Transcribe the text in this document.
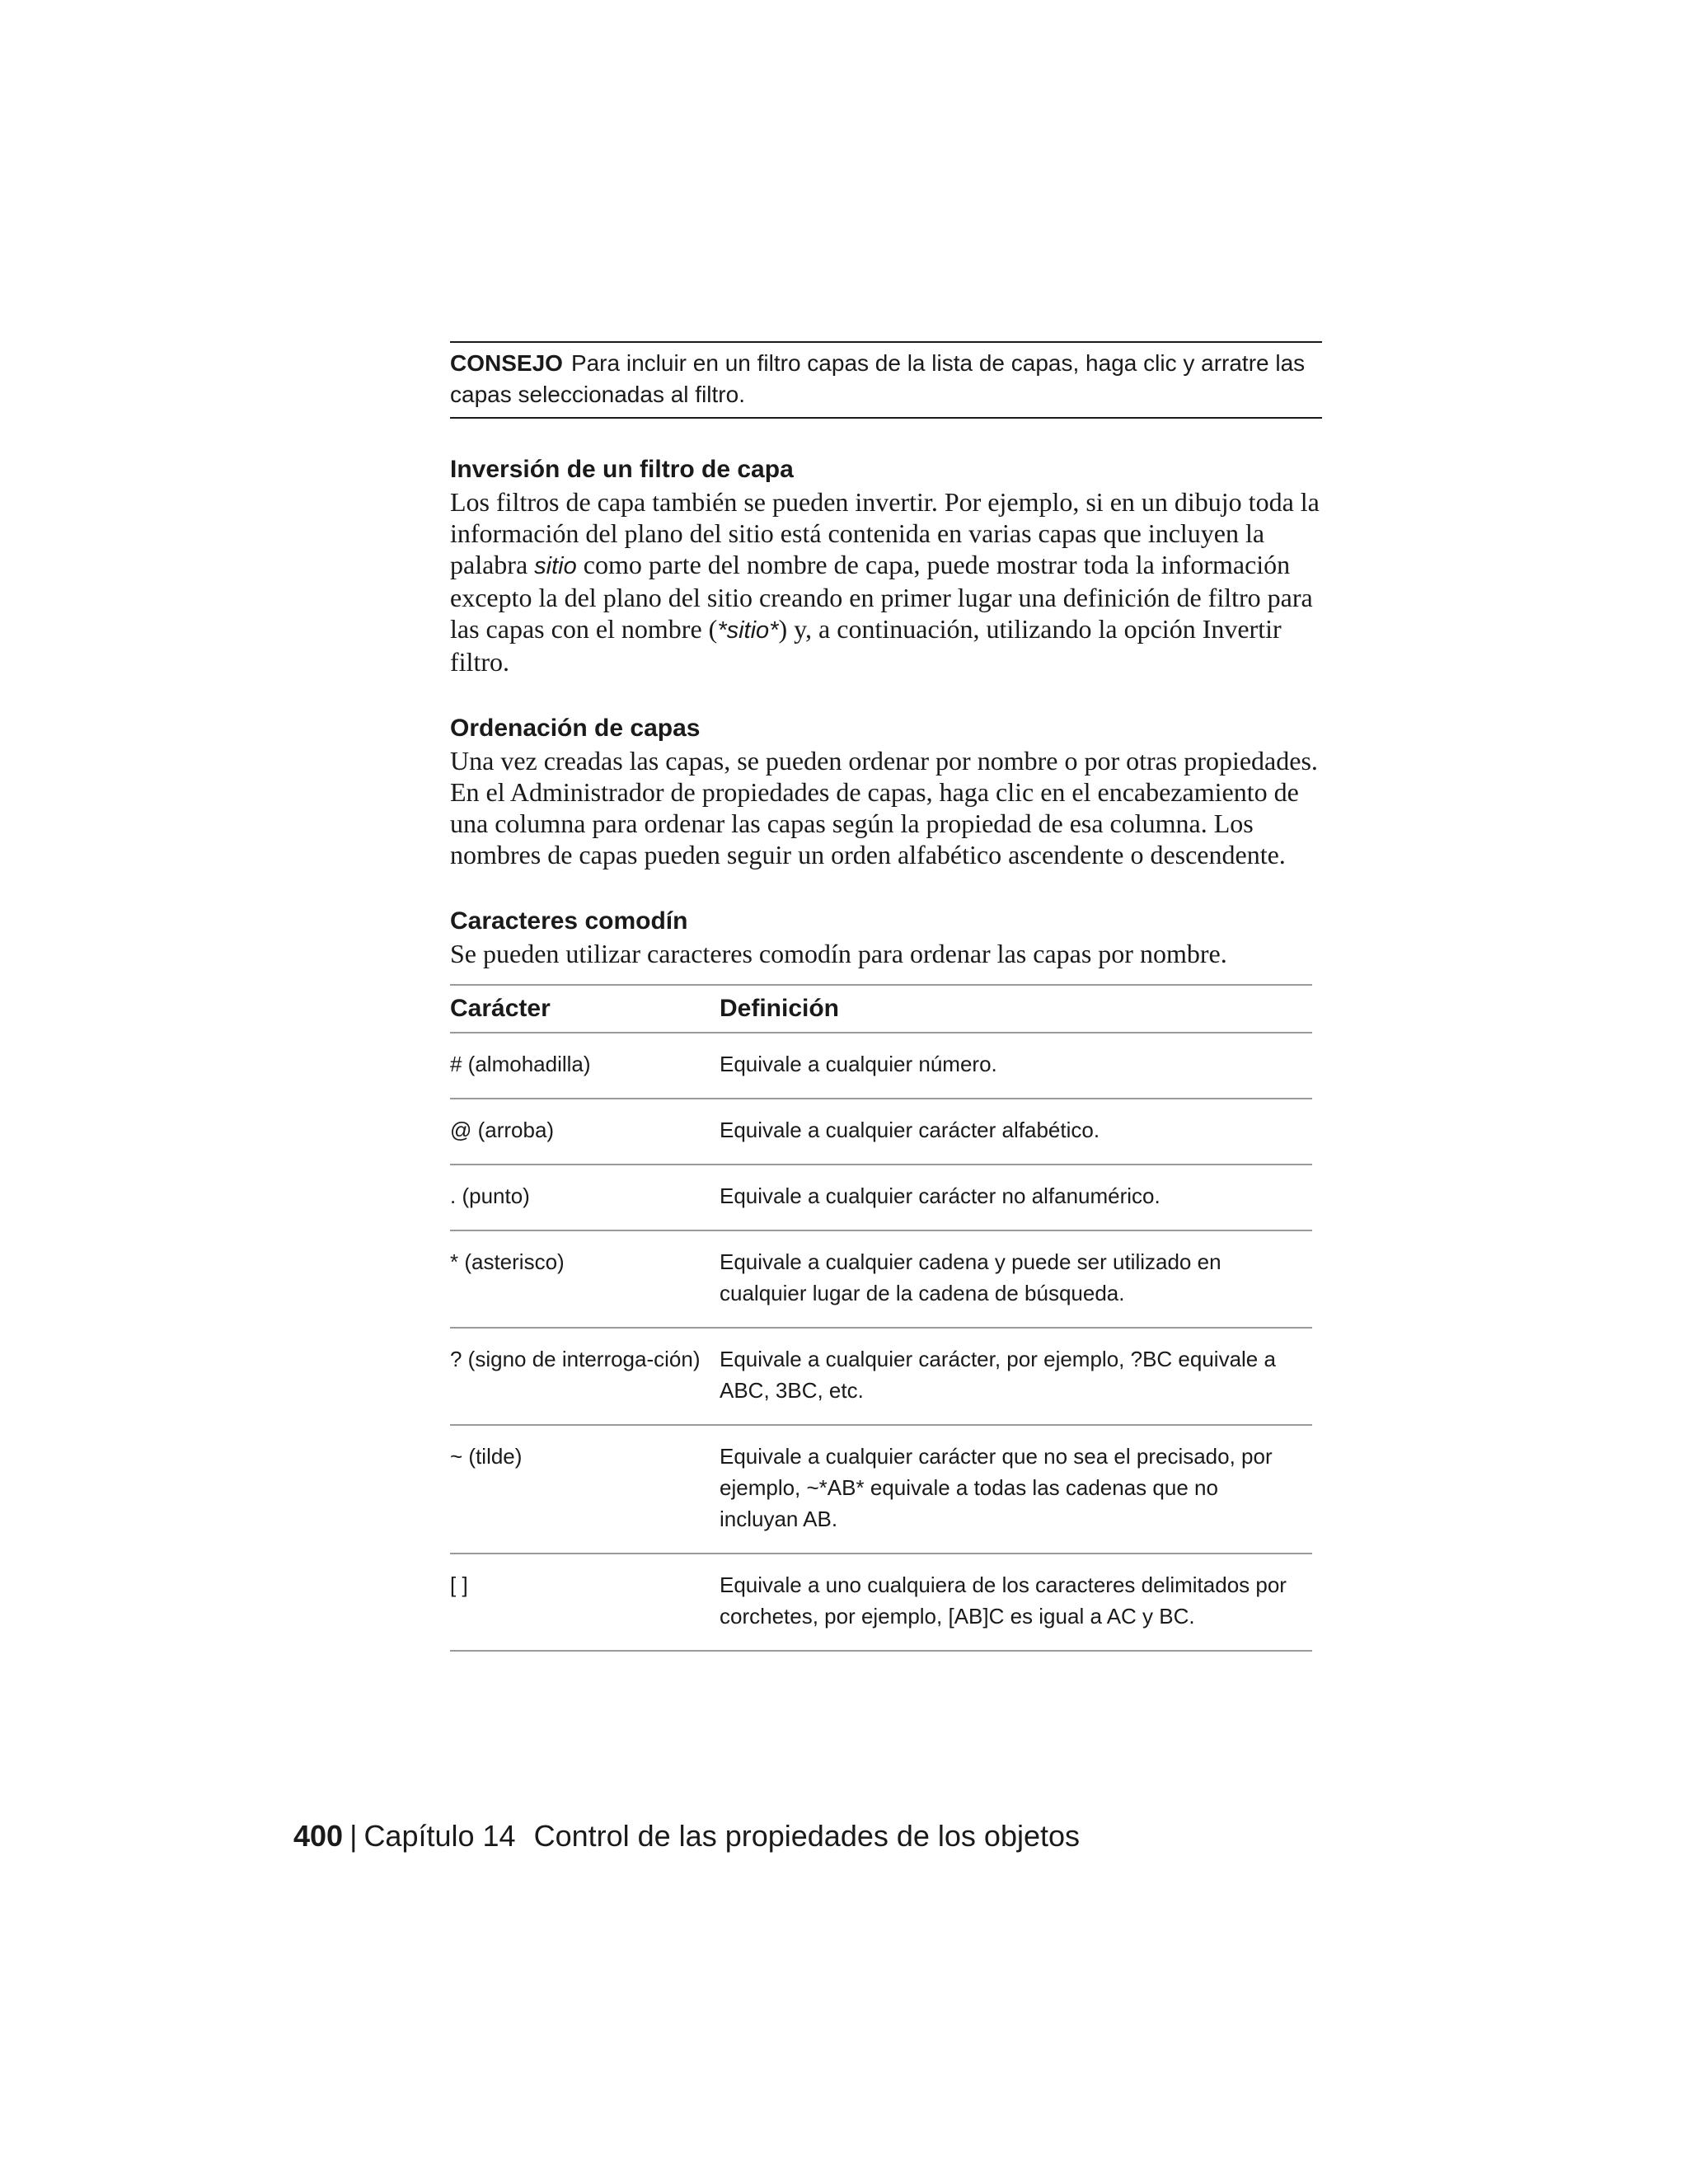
CONSEJO Para incluir en un filtro capas de la lista de capas, haga clic y arratre las capas seleccionadas al filtro.
Inversión de un filtro de capa

Los filtros de capa también se pueden invertir. Por ejemplo, si en un dibujo toda la información del plano del sitio está contenida en varias capas que incluyen la palabra sitio como parte del nombre de capa, puede mostrar toda la información excepto la del plano del sitio creando en primer lugar una definición de filtro para las capas con el nombre (*sitio*) y, a continuación, utilizando la opción Invertir filtro.

Ordenación de capas

Una vez creadas las capas, se pueden ordenar por nombre o por otras propiedades. En el Administrador de propiedades de capas, haga clic en el encabezamiento de una columna para ordenar las capas según la propiedad de esa columna. Los nombres de capas pueden seguir un orden alfabético ascendente o descendente.

Caracteres comodín

Se pueden utilizar caracteres comodín para ordenar las capas por nombre.

Carácter	Definición
# (almohadilla)	Equivale a cualquier número.
@ (arroba)	Equivale a cualquier carácter alfabético.
. (punto)	Equivale a cualquier carácter no alfanumérico.
* (asterisco)	Equivale a cualquier cadena y puede ser utilizado en cualquier lugar de la cadena de búsqueda.
? (signo de interroga-ción)	Equivale a cualquier carácter, por ejemplo, ?BC equivale a ABC, 3BC, etc.
~ (tilde)	Equivale a cualquier carácter que no sea el precisado, por ejemplo, ~*AB* equivale a todas las cadenas que no incluyan AB.
[ ]	Equivale a uno cualquiera de los caracteres delimitados por corchetes, por ejemplo, [AB]C es igual a AC y BC.
400 | Capítulo 14 Control de las propiedades de los objetos
